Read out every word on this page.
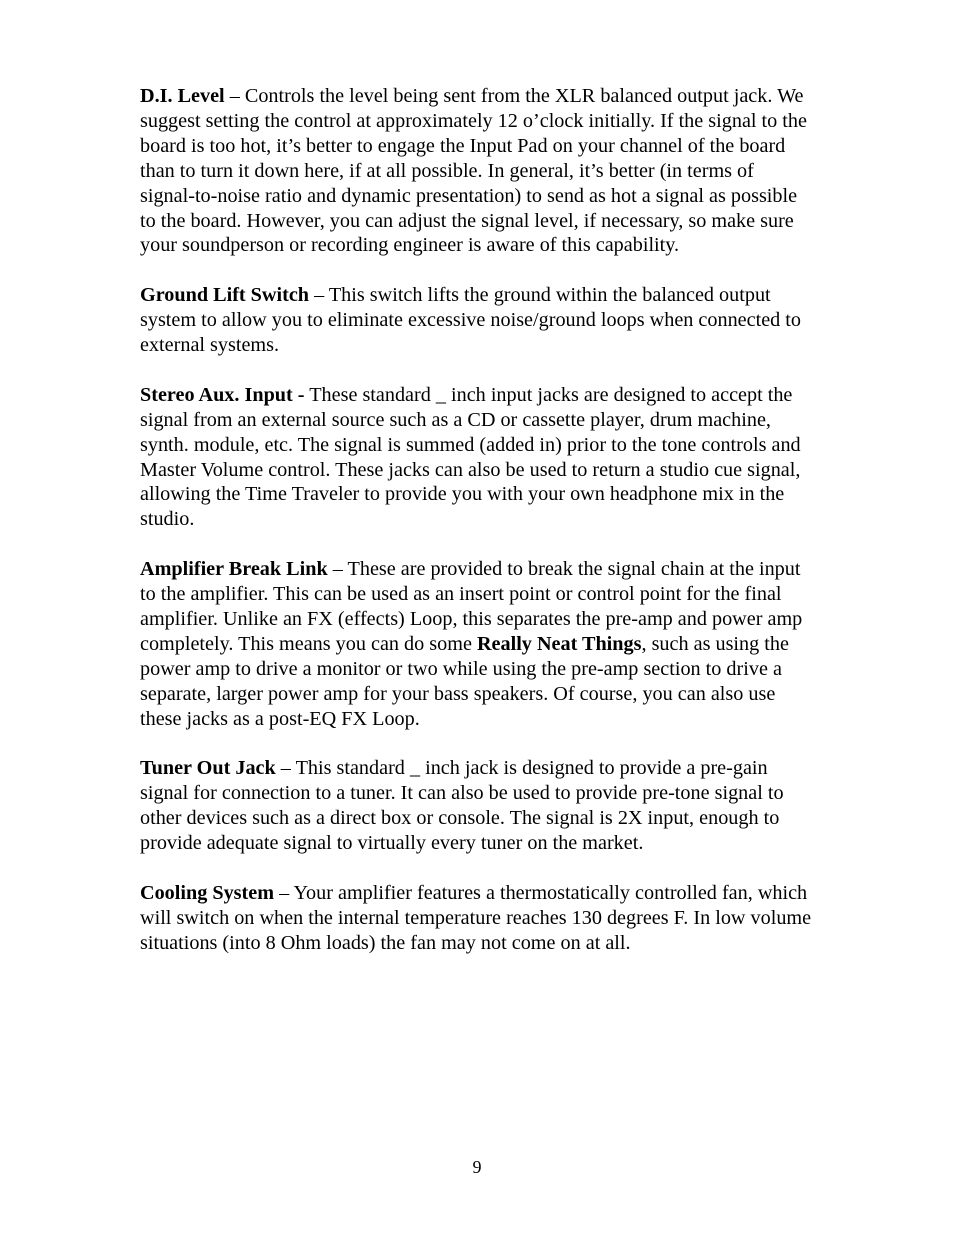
D.I. Level – Controls the level being sent from the XLR balanced output jack. We suggest setting the control at approximately 12 o’clock initially. If the signal to the board is too hot, it’s better to engage the Input Pad on your channel of the board than to turn it down here, if at all possible. In general, it’s better (in terms of signal-to-noise ratio and dynamic presentation) to send as hot a signal as possible to the board. However, you can adjust the signal level, if necessary, so make sure your soundperson or recording engineer is aware of this capability.

Ground Lift Switch – This switch lifts the ground within the balanced output system to allow you to eliminate excessive noise/ground loops when connected to external systems.

Stereo Aux. Input - These standard _ inch input jacks are designed to accept the signal from an external source such as a CD or cassette player, drum machine, synth. module, etc. The signal is summed (added in) prior to the tone controls and Master Volume control. These jacks can also be used to return a studio cue signal, allowing the Time Traveler to provide you with your own headphone mix in the studio.

Amplifier Break Link – These are provided to break the signal chain at the input to the amplifier. This can be used as an insert point or control point for the final amplifier. Unlike an FX (effects) Loop, this separates the pre-amp and power amp completely. This means you can do some Really Neat Things, such as using the power amp to drive a monitor or two while using the pre-amp section to drive a separate, larger power amp for your bass speakers. Of course, you can also use these jacks as a post-EQ FX Loop.

Tuner Out Jack – This standard _ inch jack is designed to provide a pre-gain signal for connection to a tuner. It can also be used to provide pre-tone signal to other devices such as a direct box or console. The signal is 2X input, enough to provide adequate signal to virtually every tuner on the market.

Cooling System – Your amplifier features a thermostatically controlled fan, which will switch on when the internal temperature reaches 130 degrees F. In low volume situations (into 8 Ohm loads) the fan may not come on at all.

9
